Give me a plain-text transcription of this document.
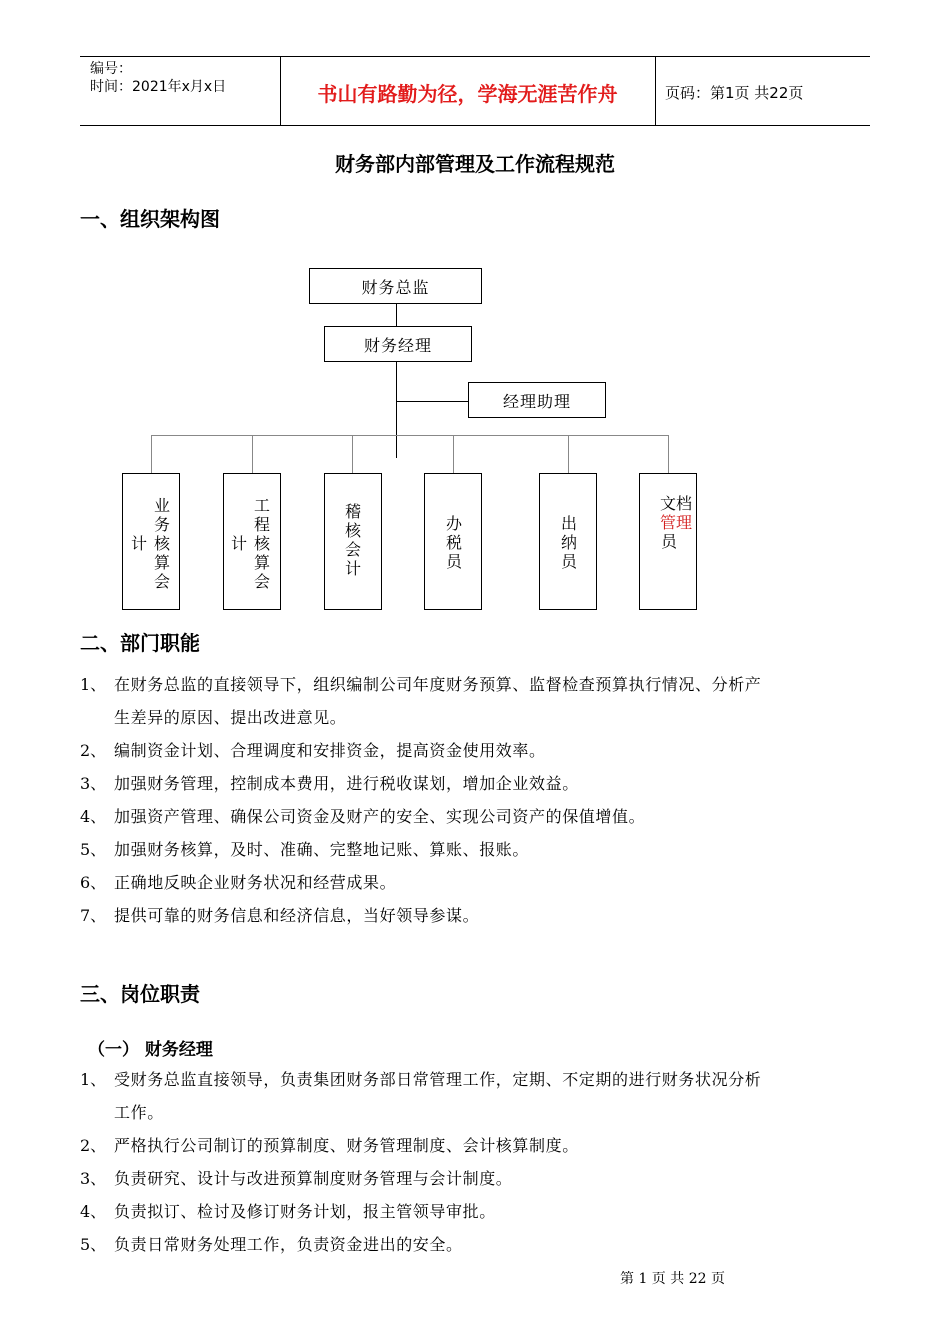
编号：
时间：2021年x月x日	书山有路勤为径，学海无涯苦作舟	页码：第1页 共22页
财务部内部管理及工作流程规范
一、组织架构图
财务总监
财务经理
经理助理
业
务
核
算
会
计
工
程
核
算
会
计
稽
核
会
计
办
税
员
出
纳
员
文档
管理
员
二、部门职能
1、 在财务总监的直接领导下，组织编制公司年度财务预算、监督检查预算执行情况、分析产
生差异的原因、提出改进意见。
2、 编制资金计划、合理调度和安排资金，提高资金使用效率。
3、 加强财务管理，控制成本费用，进行税收谋划，增加企业效益。
4、 加强资产管理、确保公司资金及财产的安全、实现公司资产的保值增值。
5、 加强财务核算，及时、准确、完整地记账、算账、报账。
6、 正确地反映企业财务状况和经营成果。
7、 提供可靠的财务信息和经济信息，当好领导参谋。
三、岗位职责
（一） 财务经理
1、 受财务总监直接领导，负责集团财务部日常管理工作，定期、不定期的进行财务状况分析
工作。
2、 严格执行公司制订的预算制度、财务管理制度、会计核算制度。
3、 负责研究、设计与改进预算制度财务管理与会计制度。
4、 负责拟订、检讨及修订财务计划，报主管领导审批。
5、 负责日常财务处理工作，负责资金进出的安全。
第 1 页 共 22 页
